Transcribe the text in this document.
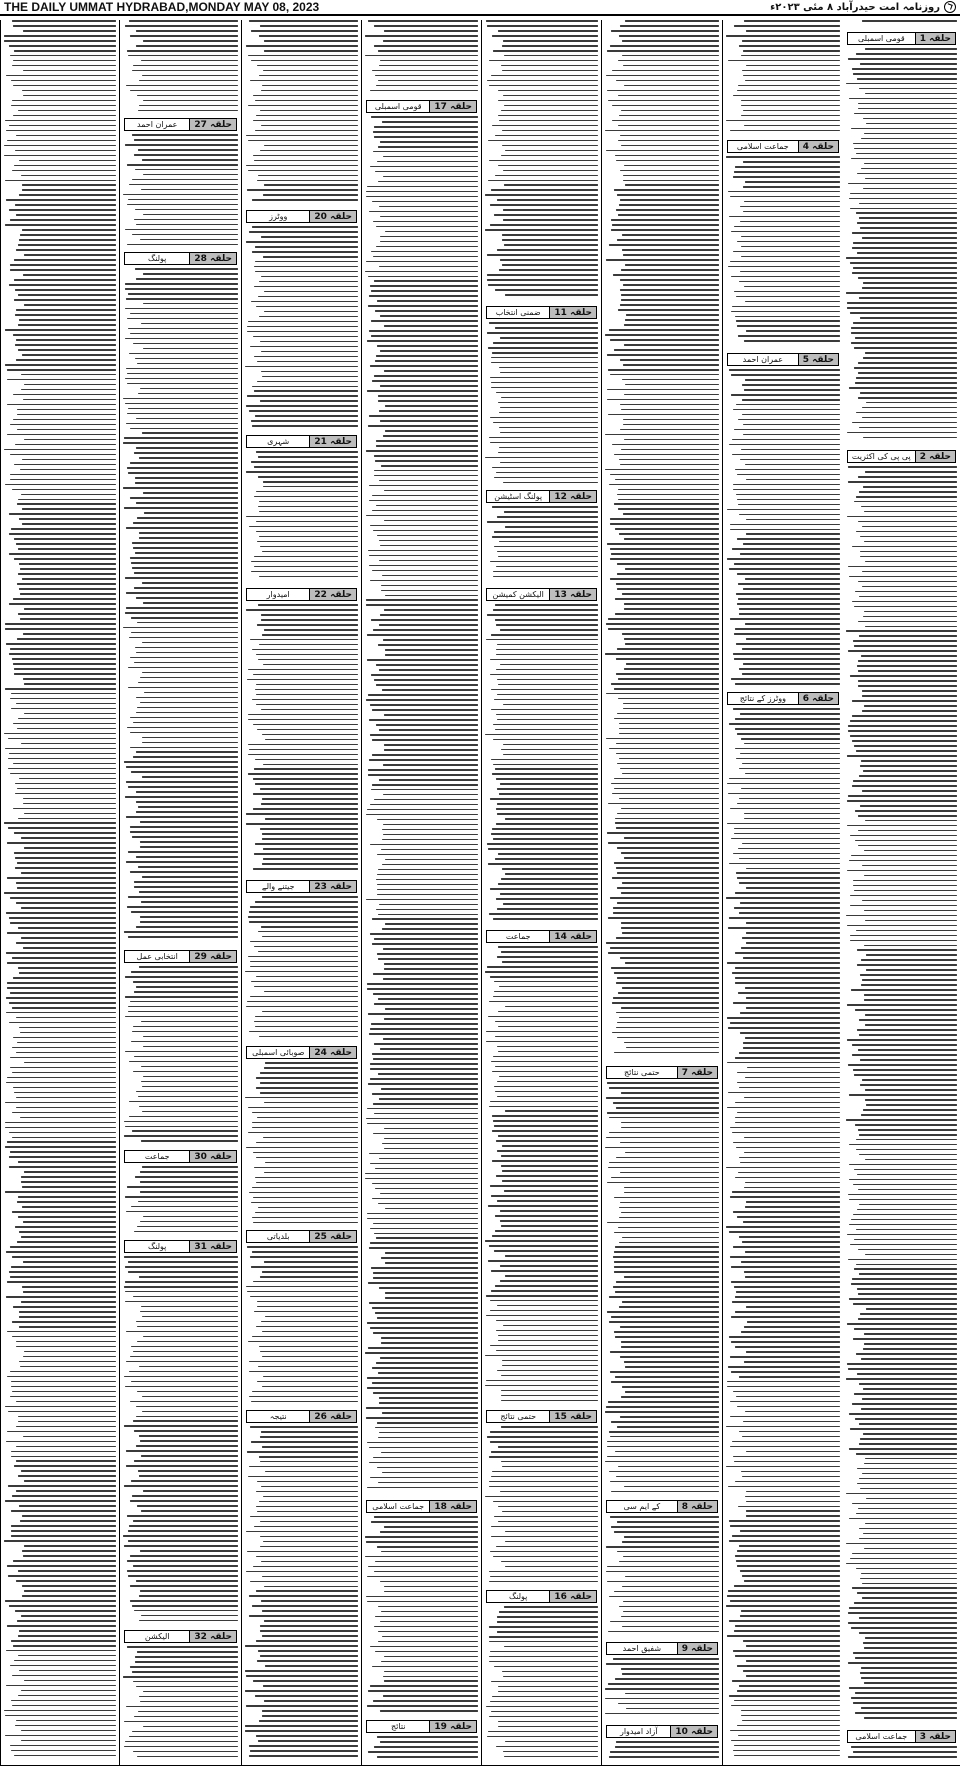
THE DAILY UMMAT HYDRABAD,MONDAY MAY 08, 2023	روزنامہ امت حیدرآباد ۸ مئی ۲۰۲۳ء
حلقہ 1
قومی اسمبلی
حلقہ 2
پی پی کی اکثریت
حلقہ 3
جماعت اسلامی
حلقہ 4
جماعت اسلامی
حلقہ 5
عمران احمد
حلقہ 6
ووٹرز کے نتائج
حلقہ 7
حتمی نتائج
حلقہ 8
کے ایم سی
حلقہ 9
شفیق احمد
حلقہ 10
آزاد امیدوار
حلقہ 11
ضمنی انتخاب
حلقہ 12
پولنگ اسٹیشن
حلقہ 13
الیکشن کمیشن
حلقہ 14
جماعت
حلقہ 15
حتمی نتائج
حلقہ 16
پولنگ
حلقہ 17
قومی اسمبلی
حلقہ 18
جماعت اسلامی
حلقہ 19
نتائج
حلقہ 20
ووٹرز
حلقہ 21
شہری
حلقہ 22
امیدوار
حلقہ 23
جیتنے والے
حلقہ 24
صوبائی اسمبلی
حلقہ 25
بلدیاتی
حلقہ 26
نتیجہ
حلقہ 27
عمران احمد
حلقہ 28
پولنگ
حلقہ 29
انتخابی عمل
حلقہ 30
جماعت
حلقہ 31
پولنگ
حلقہ 32
الیکشن
